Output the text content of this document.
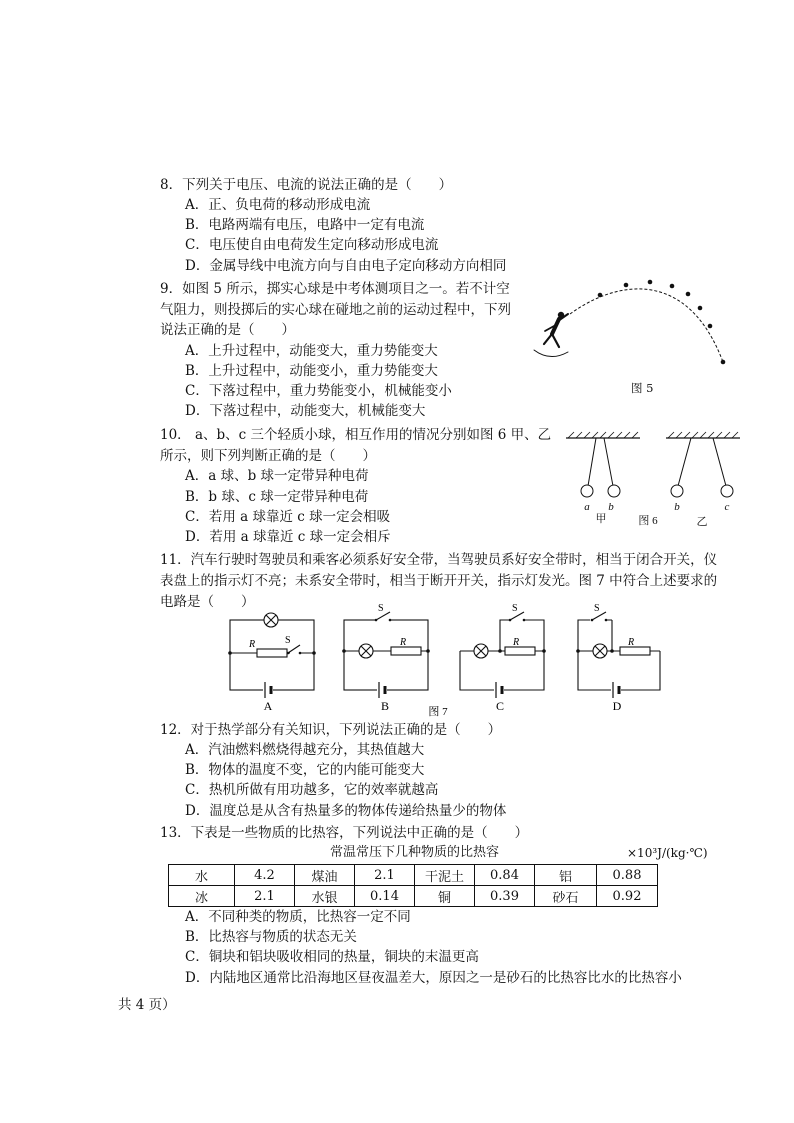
8．下列关于电压、电流的说法正确的是（　　）
A．正、负电荷的移动形成电流
B．电路两端有电压，电路中一定有电流
C．电压使自由电荷发生定向移动形成电流
D．金属导线中电流方向与自由电子定向移动方向相同
9．如图 5 所示，掷实心球是中考体测项目之一。若不计空
气阻力，则投掷后的实心球在碰地之前的运动过程中，下列
说法正确的是（　　）
A．上升过程中，动能变大，重力势能变大
B．上升过程中，动能变小，重力势能变大
C．下落过程中，重力势能变小，机械能变小
D．下落过程中，动能变大，机械能变大
图 5
10． a、b、c 三个轻质小球，相互作用的情况分别如图 6 甲、乙
所示，则下列判断正确的是（　　）
A．a 球、b 球一定带异种电荷
B．b 球、c 球一定带异种电荷
C．若用 a 球靠近 c 球一定会相吸
D．若用 a 球靠近 c 球一定会相斥
a b	b	c
甲	图 6	乙
11．汽车行驶时驾驶员和乘客必须系好安全带，当驾驶员系好安全带时，相当于闭合开关，仪
表盘上的指示灯不亮；未系安全带时，相当于断开开关，指示灯发光。图 7 中符合上述要求的
电路是（　　）
R	S
A
S
R
B
S
R
C
S
R
D
图 7
12．对于热学部分有关知识，下列说法正确的是（　　）
A．汽油燃料燃烧得越充分，其热值越大
B．物体的温度不变，它的内能可能变大
C．热机所做有用功越多，它的效率就越高
D．温度总是从含有热量多的物体传递给热量少的物体
13．下表是一些物质的比热容，下列说法中正确的是（　　）
常温常压下几种物质的比热容	×10³J/(kg·℃)
水	4.2	煤油	2.1	干泥土	0.84	铝	0.88
冰	2.1	水银	0.14	铜	0.39	砂石	0.92
A．不同种类的物质，比热容一定不同
B．比热容与物质的状态无关
C．铜块和铝块吸收相同的热量，铜块的末温更高
D．内陆地区通常比沿海地区昼夜温差大，原因之一是砂石的比热容比水的比热容小
共 4 页）
